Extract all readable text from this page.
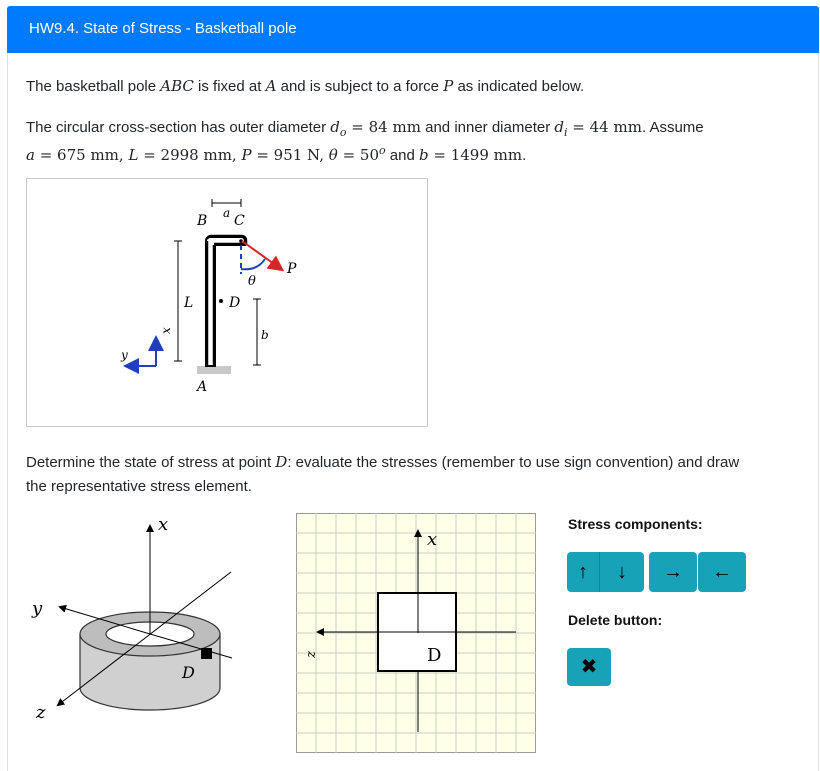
HW9.4. State of Stress - Basketball pole
The basketball pole ABC is fixed at A and is subject to a force P as indicated below.
The circular cross-section has outer diameter $d_o = 84$ mm and inner diameter $d_i = 44$ mm. Assume
a = 675 mm, L = 2998 mm, P = 951 N, $\theta = 50^o$ and b = 1499 mm.
B a C
P
θ
L	D
b
A
x
y
Determine the state of stress at point D: evaluate the stresses (remember to use sign convention) and draw
the representative stress element.
x
y
z
D
x
z	D
Stress components:
↑	↓	→	←
Delete button:
✖
